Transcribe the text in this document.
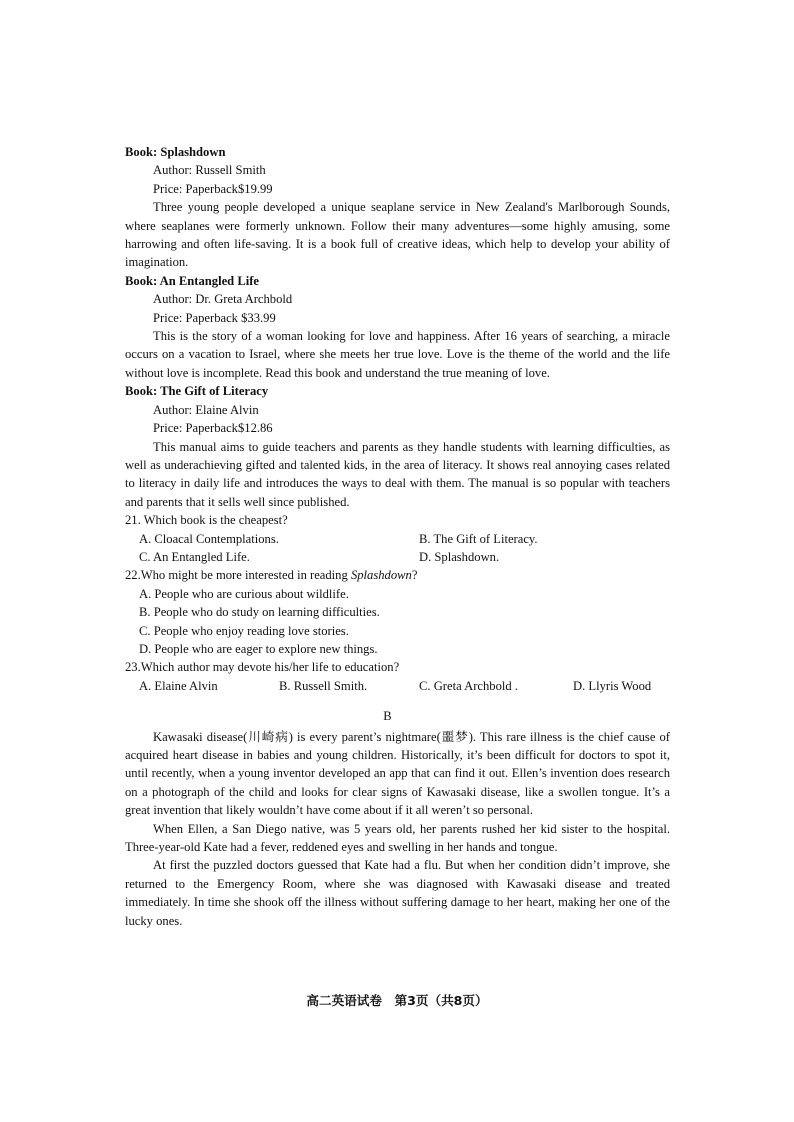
Book: Splashdown
Author: Russell Smith
Price: Paperback$19.99

Three young people developed a unique seaplane service in New Zealand's Marlborough Sounds, where seaplanes were formerly unknown. Follow their many adventures—some highly amusing, some harrowing and often life-saving. It is a book full of creative ideas, which help to develop your ability of imagination.

Book: An Entangled Life
Author: Dr. Greta Archbold
Price: Paperback $33.99

This is the story of a woman looking for love and happiness. After 16 years of searching, a miracle occurs on a vacation to Israel, where she meets her true love. Love is the theme of the world and the life without love is incomplete. Read this book and understand the true meaning of love.

Book: The Gift of Literacy
Author: Elaine Alvin
Price: Paperback$12.86

This manual aims to guide teachers and parents as they handle students with learning difficulties, as well as underachieving gifted and talented kids, in the area of literacy. It shows real annoying cases related to literacy in daily life and introduces the ways to deal with them. The manual is so popular with teachers and parents that it sells well since published.

21. Which book is the cheapest?
A. Cloacal Contemplations.	B. The Gift of Literacy.
C. An Entangled Life.	D. Splashdown.
22.Who might be more interested in reading Splashdown?
A. People who are curious about wildlife.
B. People who do study on learning difficulties.
C. People who enjoy reading love stories.
D. People who are eager to explore new things.
23.Which author may devote his/her life to education?
A. Elaine Alvin	B. Russell Smith.	C. Greta Archbold .	D. Llyris Wood
B

Kawasaki disease(川崎病) is every parent’s nightmare(噩梦). This rare illness is the chief cause of acquired heart disease in babies and young children. Historically, it’s been difficult for doctors to spot it, until recently, when a young inventor developed an app that can find it out. Ellen’s invention does research on a photograph of the child and looks for clear signs of Kawasaki disease, like a swollen tongue. It’s a great invention that likely wouldn’t have come about if it all weren’t so personal.

When Ellen, a San Diego native, was 5 years old, her parents rushed her kid sister to the hospital. Three-year-old Kate had a fever, reddened eyes and swelling in her hands and tongue.

At first the puzzled doctors guessed that Kate had a flu. But when her condition didn’t improve, she returned to the Emergency Room, where she was diagnosed with Kawasaki disease and treated immediately. In time she shook off the illness without suffering damage to her heart, making her one of the lucky ones.

高二英语试卷　第3页（共8页）
